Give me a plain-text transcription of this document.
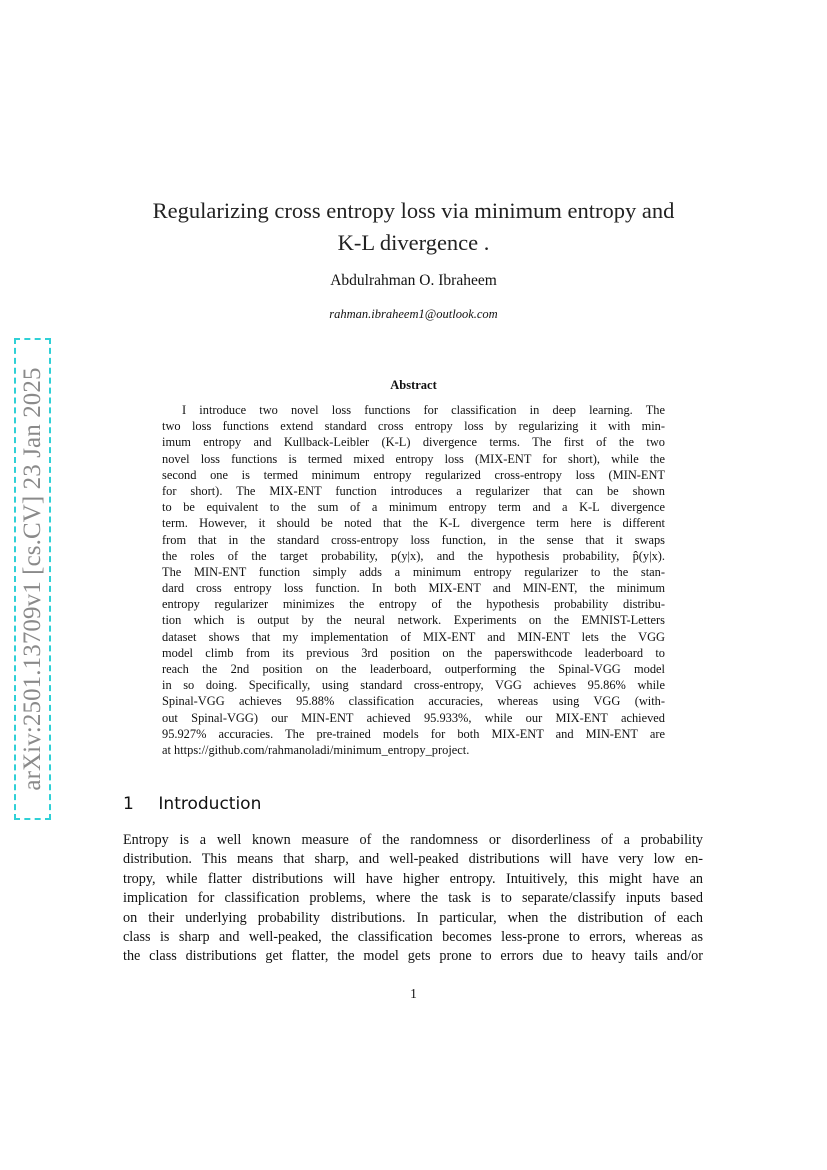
arXiv:2501.13709v1 [cs.CV] 23 Jan 2025
Regularizing cross entropy loss via minimum entropy and
K-L divergence .
Abdulrahman O. Ibraheem
rahman.ibraheem1@outlook.com
Abstract
I introduce two novel loss functions for classification in deep learning. The
two loss functions extend standard cross entropy loss by regularizing it with min-
imum entropy and Kullback-Leibler (K-L) divergence terms. The first of the two
novel loss functions is termed mixed entropy loss (MIX-ENT for short), while the
second one is termed minimum entropy regularized cross-entropy loss (MIN-ENT
for short). The MIX-ENT function introduces a regularizer that can be shown
to be equivalent to the sum of a minimum entropy term and a K-L divergence
term. However, it should be noted that the K-L divergence term here is different
from that in the standard cross-entropy loss function, in the sense that it swaps
the roles of the target probability, p(y|x), and the hypothesis probability, p̂(y|x).
The MIN-ENT function simply adds a minimum entropy regularizer to the stan-
dard cross entropy loss function. In both MIX-ENT and MIN-ENT, the minimum
entropy regularizer minimizes the entropy of the hypothesis probability distribu-
tion which is output by the neural network. Experiments on the EMNIST-Letters
dataset shows that my implementation of MIX-ENT and MIN-ENT lets the VGG
model climb from its previous 3rd position on the paperswithcode leaderboard to
reach the 2nd position on the leaderboard, outperforming the Spinal-VGG model
in so doing. Specifically, using standard cross-entropy, VGG achieves 95.86% while
Spinal-VGG achieves 95.88% classification accuracies, whereas using VGG (with-
out Spinal-VGG) our MIN-ENT achieved 95.933%, while our MIX-ENT achieved
95.927% accuracies. The pre-trained models for both MIX-ENT and MIN-ENT are
at https://github.com/rahmanoladi/minimum_entropy_project.
1 Introduction
Entropy is a well known measure of the randomness or disorderliness of a probability
distribution. This means that sharp, and well-peaked distributions will have very low en-
tropy, while flatter distributions will have higher entropy. Intuitively, this might have an
implication for classification problems, where the task is to separate/classify inputs based
on their underlying probability distributions. In particular, when the distribution of each
class is sharp and well-peaked, the classification becomes less-prone to errors, whereas as
the class distributions get flatter, the model gets prone to errors due to heavy tails and/or
1
